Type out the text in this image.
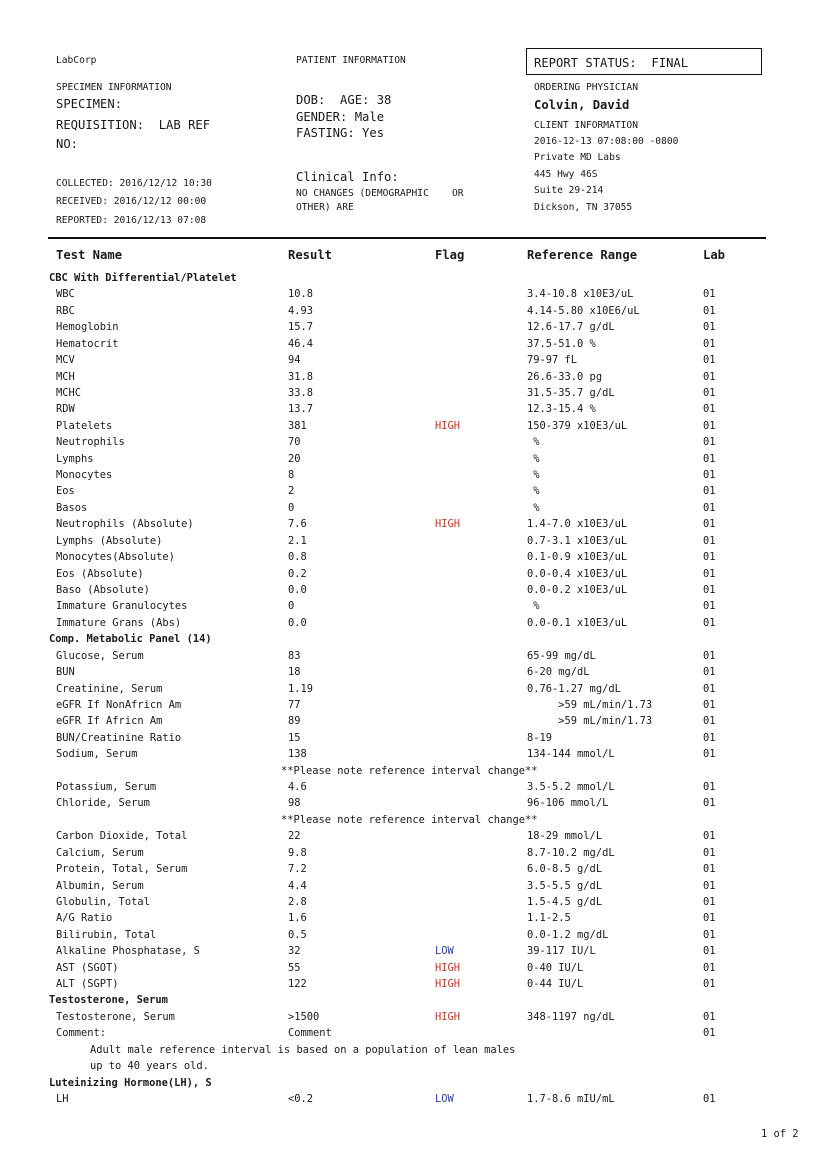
LabCorp
SPECIMEN INFORMATION
SPECIMEN:
REQUISITION:  LAB REF
NO:
COLLECTED: 2016/12/12 10:30
RECEIVED: 2016/12/12 00:00
REPORTED: 2016/12/13 07:08
PATIENT INFORMATION
DOB:  AGE: 38
GENDER: Male
FASTING: Yes
Clinical Info:
NO CHANGES (DEMOGRAPHIC    OR
OTHER) ARE
REPORT STATUS:  FINAL
ORDERING PHYSICIAN
Colvin, David
CLIENT INFORMATION
2016-12-13 07:08:00 -0800
Private MD Labs
445 Hwy 46S
Suite 29-214
Dickson, TN 37055
Test Name	Result	Flag	Reference Range	Lab
CBC With Differential/Platelet
WBC	10.8	3.4-10.8 x10E3/uL	01
RBC	4.93	4.14-5.80 x10E6/uL	01
Hemoglobin	15.7	12.6-17.7 g/dL	01
Hematocrit	46.4	37.5-51.0 %	01
MCV	94	79-97 fL	01
MCH	31.8	26.6-33.0 pg	01
MCHC	33.8	31.5-35.7 g/dL	01
RDW	13.7	12.3-15.4 %	01
Platelets	381	HIGH	150-379 x10E3/uL	01
Neutrophils	70	%	01
Lymphs	20	%	01
Monocytes	8	%	01
Eos	2	%	01
Basos	0	%	01
Neutrophils (Absolute)	7.6	HIGH	1.4-7.0 x10E3/uL	01
Lymphs (Absolute)	2.1	0.7-3.1 x10E3/uL	01
Monocytes(Absolute)	0.8	0.1-0.9 x10E3/uL	01
Eos (Absolute)	0.2	0.0-0.4 x10E3/uL	01
Baso (Absolute)	0.0	0.0-0.2 x10E3/uL	01
Immature Granulocytes	0	%	01
Immature Grans (Abs)	0.0	0.0-0.1 x10E3/uL	01
Comp. Metabolic Panel (14)
Glucose, Serum	83	65-99 mg/dL	01
BUN	18	6-20 mg/dL	01
Creatinine, Serum	1.19	0.76-1.27 mg/dL	01
eGFR If NonAfricn Am	77	>59 mL/min/1.73	01
eGFR If Africn Am	89	>59 mL/min/1.73	01
BUN/Creatinine Ratio	15	8-19	01
Sodium, Serum	138	134-144 mmol/L	01
**Please note reference interval change**
Potassium, Serum	4.6	3.5-5.2 mmol/L	01
Chloride, Serum	98	96-106 mmol/L	01
**Please note reference interval change**
Carbon Dioxide, Total	22	18-29 mmol/L	01
Calcium, Serum	9.8	8.7-10.2 mg/dL	01
Protein, Total, Serum	7.2	6.0-8.5 g/dL	01
Albumin, Serum	4.4	3.5-5.5 g/dL	01
Globulin, Total	2.8	1.5-4.5 g/dL	01
A/G Ratio	1.6	1.1-2.5	01
Bilirubin, Total	0.5	0.0-1.2 mg/dL	01
Alkaline Phosphatase, S	32	LOW	39-117 IU/L	01
AST (SGOT)	55	HIGH	0-40 IU/L	01
ALT (SGPT)	122	HIGH	0-44 IU/L	01
Testosterone, Serum
Testosterone, Serum	>1500	HIGH	348-1197 ng/dL	01
Comment:	Comment	01
Adult male reference interval is based on a population of lean males
up to 40 years old.
Luteinizing Hormone(LH), S
LH	<0.2	LOW	1.7-8.6 mIU/mL	01
1 of 2
